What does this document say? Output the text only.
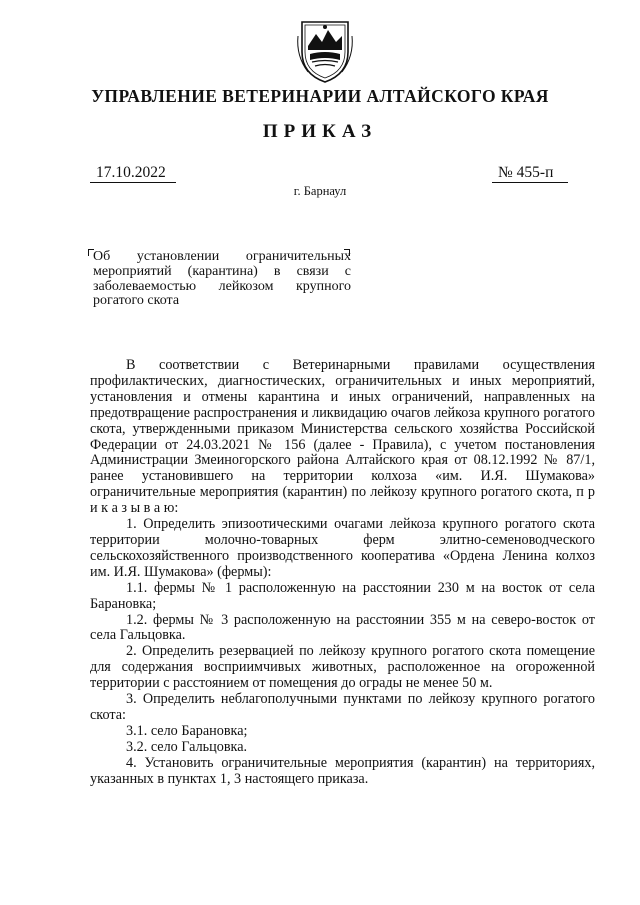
УПРАВЛЕНИЕ ВЕТЕРИНАРИИ АЛТАЙСКОГО КРАЯ
ПРИКАЗ
17.10.2022	№ 455-п
г. Барнаул
Об установлении ограничительных мероприятий (карантина) в связи с заболеваемостью лейкозом крупного рогатого скота

В соответствии с Ветеринарными правилами осуществления профилактических, диагностических, ограничительных и иных мероприятий, установления и отмены карантина и иных ограничений, направленных на предотвращение распространения и ликвидацию очагов лейкоза крупного рогатого скота, утвержденными приказом Министерства сельского хозяйства Российской Федерации от 24.03.2021 № 156 (далее - Правила), с учетом постановления Администрации Змеиногорского района Алтайского края от 08.12.1992 № 87/1, ранее установившего на территории колхоза «им. И.Я. Шумакова» ограничительные мероприятия (карантин) по лейкозу крупного рогатого скота, п р и к а з ы в а ю:

1. Определить эпизоотическими очагами лейкоза крупного рогатого скота территории молочно-товарных ферм элитно-семеноводческого сельскохозяйственного производственного кооператива «Ордена Ленина колхоз им. И.Я. Шумакова» (фермы):

1.1. фермы № 1 расположенную на расстоянии 230 м на восток от села Барановка;

1.2. фермы № 3 расположенную на расстоянии 355 м на северо-восток от села Гальцовка.

2. Определить резервацией по лейкозу крупного рогатого скота помещение для содержания восприимчивых животных, расположенное на огороженной территории с расстоянием от помещения до ограды не менее 50 м.

3. Определить неблагополучными пунктами по лейкозу крупного рогатого скота:

3.1. село Барановка;

3.2. село Гальцовка.

4. Установить ограничительные мероприятия (карантин) на территориях, указанных в пунктах 1, 3 настоящего приказа.
